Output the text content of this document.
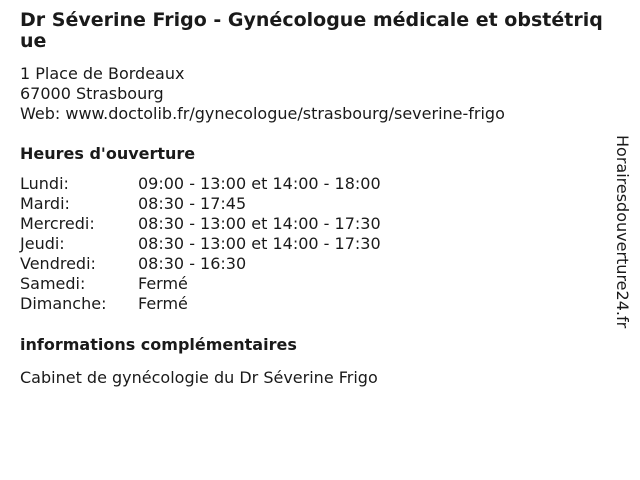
Dr Séverine Frigo - Gynécologue médicale et obstétrique
1 Place de Bordeaux
67000 Strasbourg
Web: www.doctolib.fr/gynecologue/strasbourg/severine-frigo
Heures d'ouverture
Lundi:	09:00 - 13:00 et 14:00 - 18:00
Mardi:	08:30 - 17:45
Mercredi:	08:30 - 13:00 et 14:00 - 17:30
Jeudi:	08:30 - 13:00 et 14:00 - 17:30
Vendredi:	08:30 - 16:30
Samedi:	Fermé
Dimanche:	Fermé
informations complémentaires
Cabinet de gynécologie du Dr Séverine Frigo
Horairesdouverture24.fr
